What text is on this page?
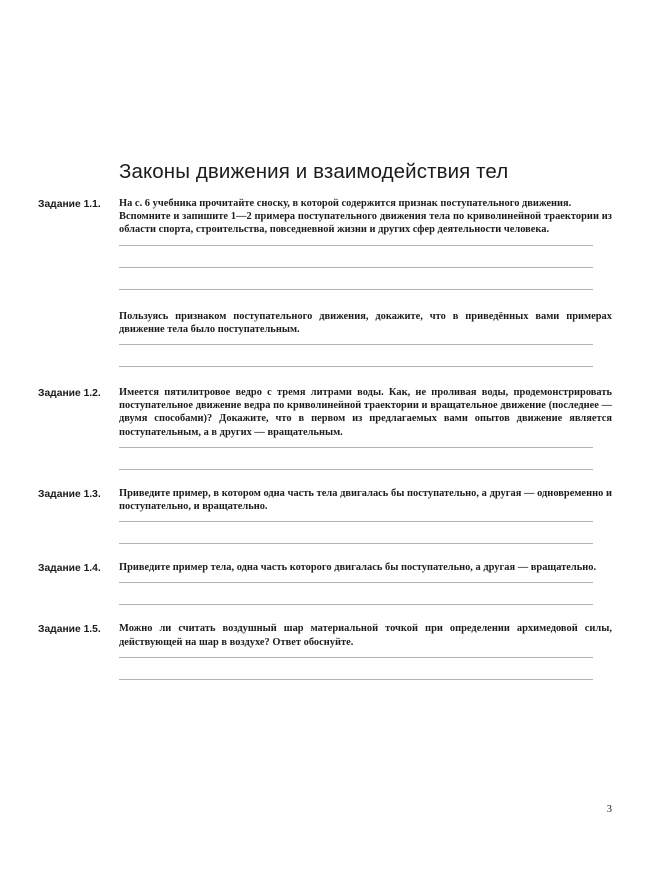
Законы движения и взаимодействия тел
Задание 1.1.	На с. 6 учебника прочитайте сноску, в которой содержится признак поступательного движения.

Вспомните и запишите 1—2 примера поступательного движения тела по криволинейной траектории из области спорта, строительства, повседневной жизни и других сфер деятельности человека.

Пользуясь признаком поступательного движения, докажите, что в приведённых вами примерах движение тела было поступательным.

Задание 1.2.	Имеется пятилитровое ведро с тремя литрами воды. Как, не проливая воды, продемонстрировать поступательное движение ведра по криволинейной траектории и вращательное движение (последнее — двумя способами)? Докажите, что в первом из предлагаемых вами опытов движение является поступательным, а в других — вращательным.

Задание 1.3.	Приведите пример, в котором одна часть тела двигалась бы поступательно, а другая — одновременно и поступательно, и вращательно.

Задание 1.4.	Приведите пример тела, одна часть которого двигалась бы поступательно, а другая — вращательно.

Задание 1.5.	Можно ли считать воздушный шар материальной точкой при определении архимедовой силы, действующей на шар в воздухе? Ответ обоснуйте.

3
